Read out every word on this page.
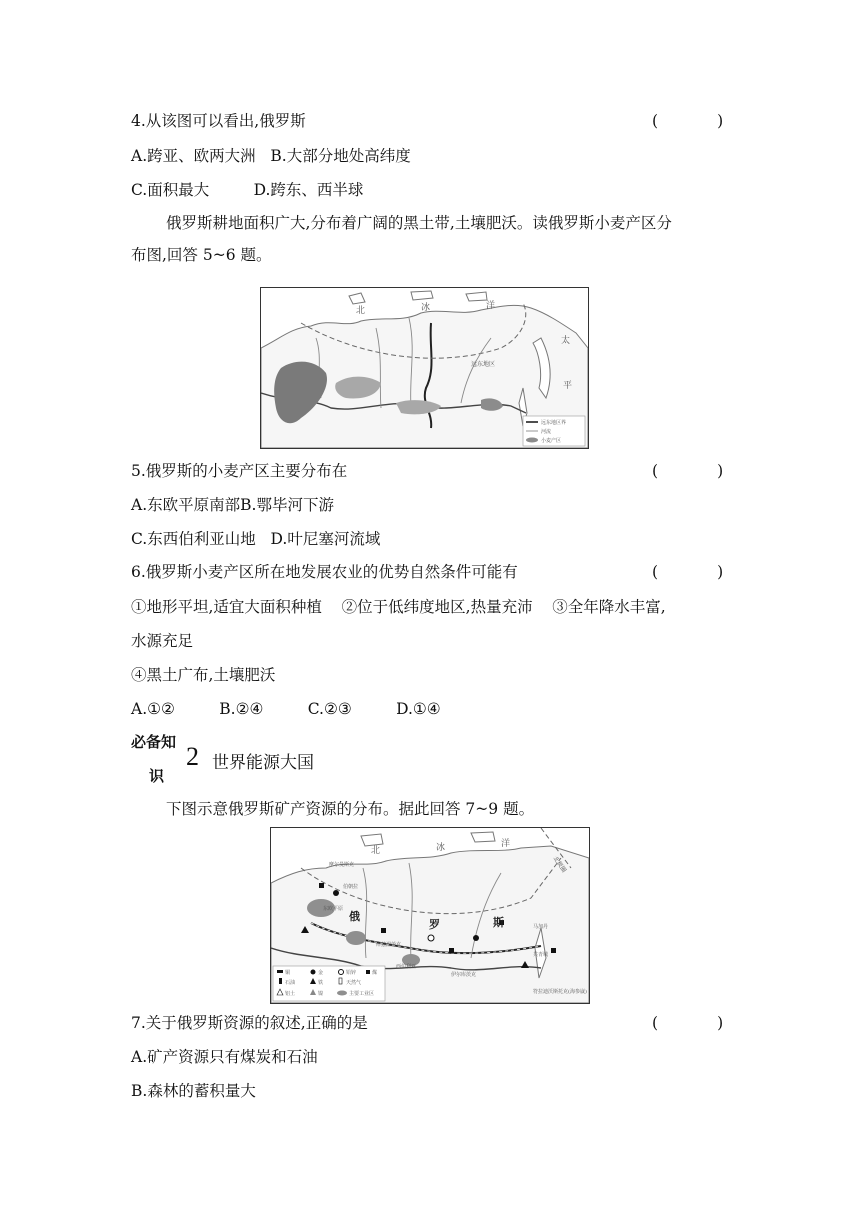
4.从该图可以看出,俄罗斯	(            )
A.跨亚、欧两大洲   B.大部分地处高纬度
C.面积最大         D.跨东、西半球
俄罗斯耕地面积广大,分布着广阔的黑土带,土壤肥沃。读俄罗斯小麦产区分
布图,回答 5~6 题。
远东地区界
河流
小麦产区
北	冰	洋
太
平
远东地区
5.俄罗斯的小麦产区主要分布在	(            )
A.东欧平原南部B.鄂毕河下游
C.东西伯利亚山地   D.叶尼塞河流域
6.俄罗斯小麦产区所在地发展农业的优势自然条件可能有	(            )
①地形平坦,适宜大面积种植    ②位于低纬度地区,热量充沛    ③全年降水丰富,
水源充足
④黑土广布,土壤肥沃
A.①②         B.②④         C.②③         D.①④
必备知
识
2 世界能源大国
下图示意俄罗斯矿产资源的分布。据此回答 7~9 题。
铜	金	铅锌	煤
石油	铁	天然气
铝土	镍	主要工业区
北	冰	洋
俄
罗	斯
东欧平原
摩尔曼斯克
伯朝拉
库兹涅茨克
西伯利亚
伊尔库茨克
共青城
符拉迪沃斯托克(海参崴)
北极圈
马加丹
7.关于俄罗斯资源的叙述,正确的是	(            )
A.矿产资源只有煤炭和石油
B.森林的蓄积量大
